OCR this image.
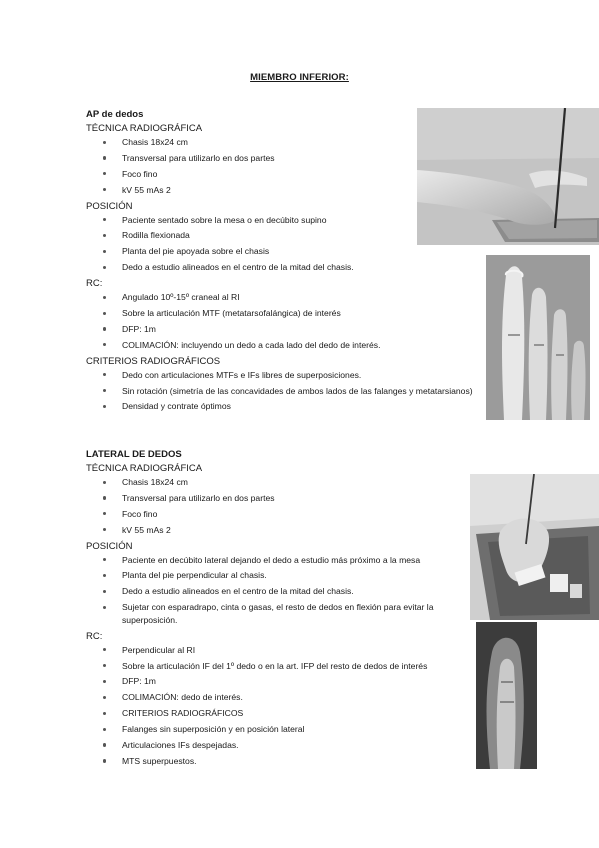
MIEMBRO INFERIOR:
AP de dedos
TÉCNICA RADIOGRÁFICA
Chasis 18x24 cm
Transversal para utilizarlo en dos partes
Foco fino
kV 55 mAs 2
POSICIÓN
Paciente sentado sobre la mesa o en decúbito supino
Rodilla flexionada
Planta del pie apoyada sobre el chasis
Dedo a estudio alineados en el centro de la mitad del chasis.
RC:
Angulado 10º-15º craneal al RI
Sobre la articulación MTF (metatarsofalángica) de interés
DFP: 1m
COLIMACIÓN: incluyendo un dedo a cada lado del dedo de interés.
CRITERIOS RADIOGRÁFICOS
Dedo con articulaciones MTFs e IFs libres de superposiciones.
Sin rotación (simetría de las concavidades de ambos lados de las falanges y metatarsianos)
Densidad y contrate óptimos
LATERAL DE DEDOS
TÉCNICA RADIOGRÁFICA
Chasis 18x24 cm
Transversal para utilizarlo en dos partes
Foco fino
kV 55 mAs 2
POSICIÓN
Paciente en decúbito lateral dejando el dedo a estudio más próximo a la mesa
Planta del pie perpendicular al chasis.
Dedo a estudio alineados en el centro de la mitad del chasis.
Sujetar con esparadrapo, cinta o gasas, el resto de dedos en flexión para evitar la superposición.
RC:
Perpendicular al RI
Sobre la articulación IF del 1º dedo o en la art. IFP del resto de dedos de interés
DFP: 1m
COLIMACIÓN: dedo de interés.
CRITERIOS RADIOGRÁFICOS
Falanges sin superposición y en posición lateral
Articulaciones IFs despejadas.
MTS superpuestos.
